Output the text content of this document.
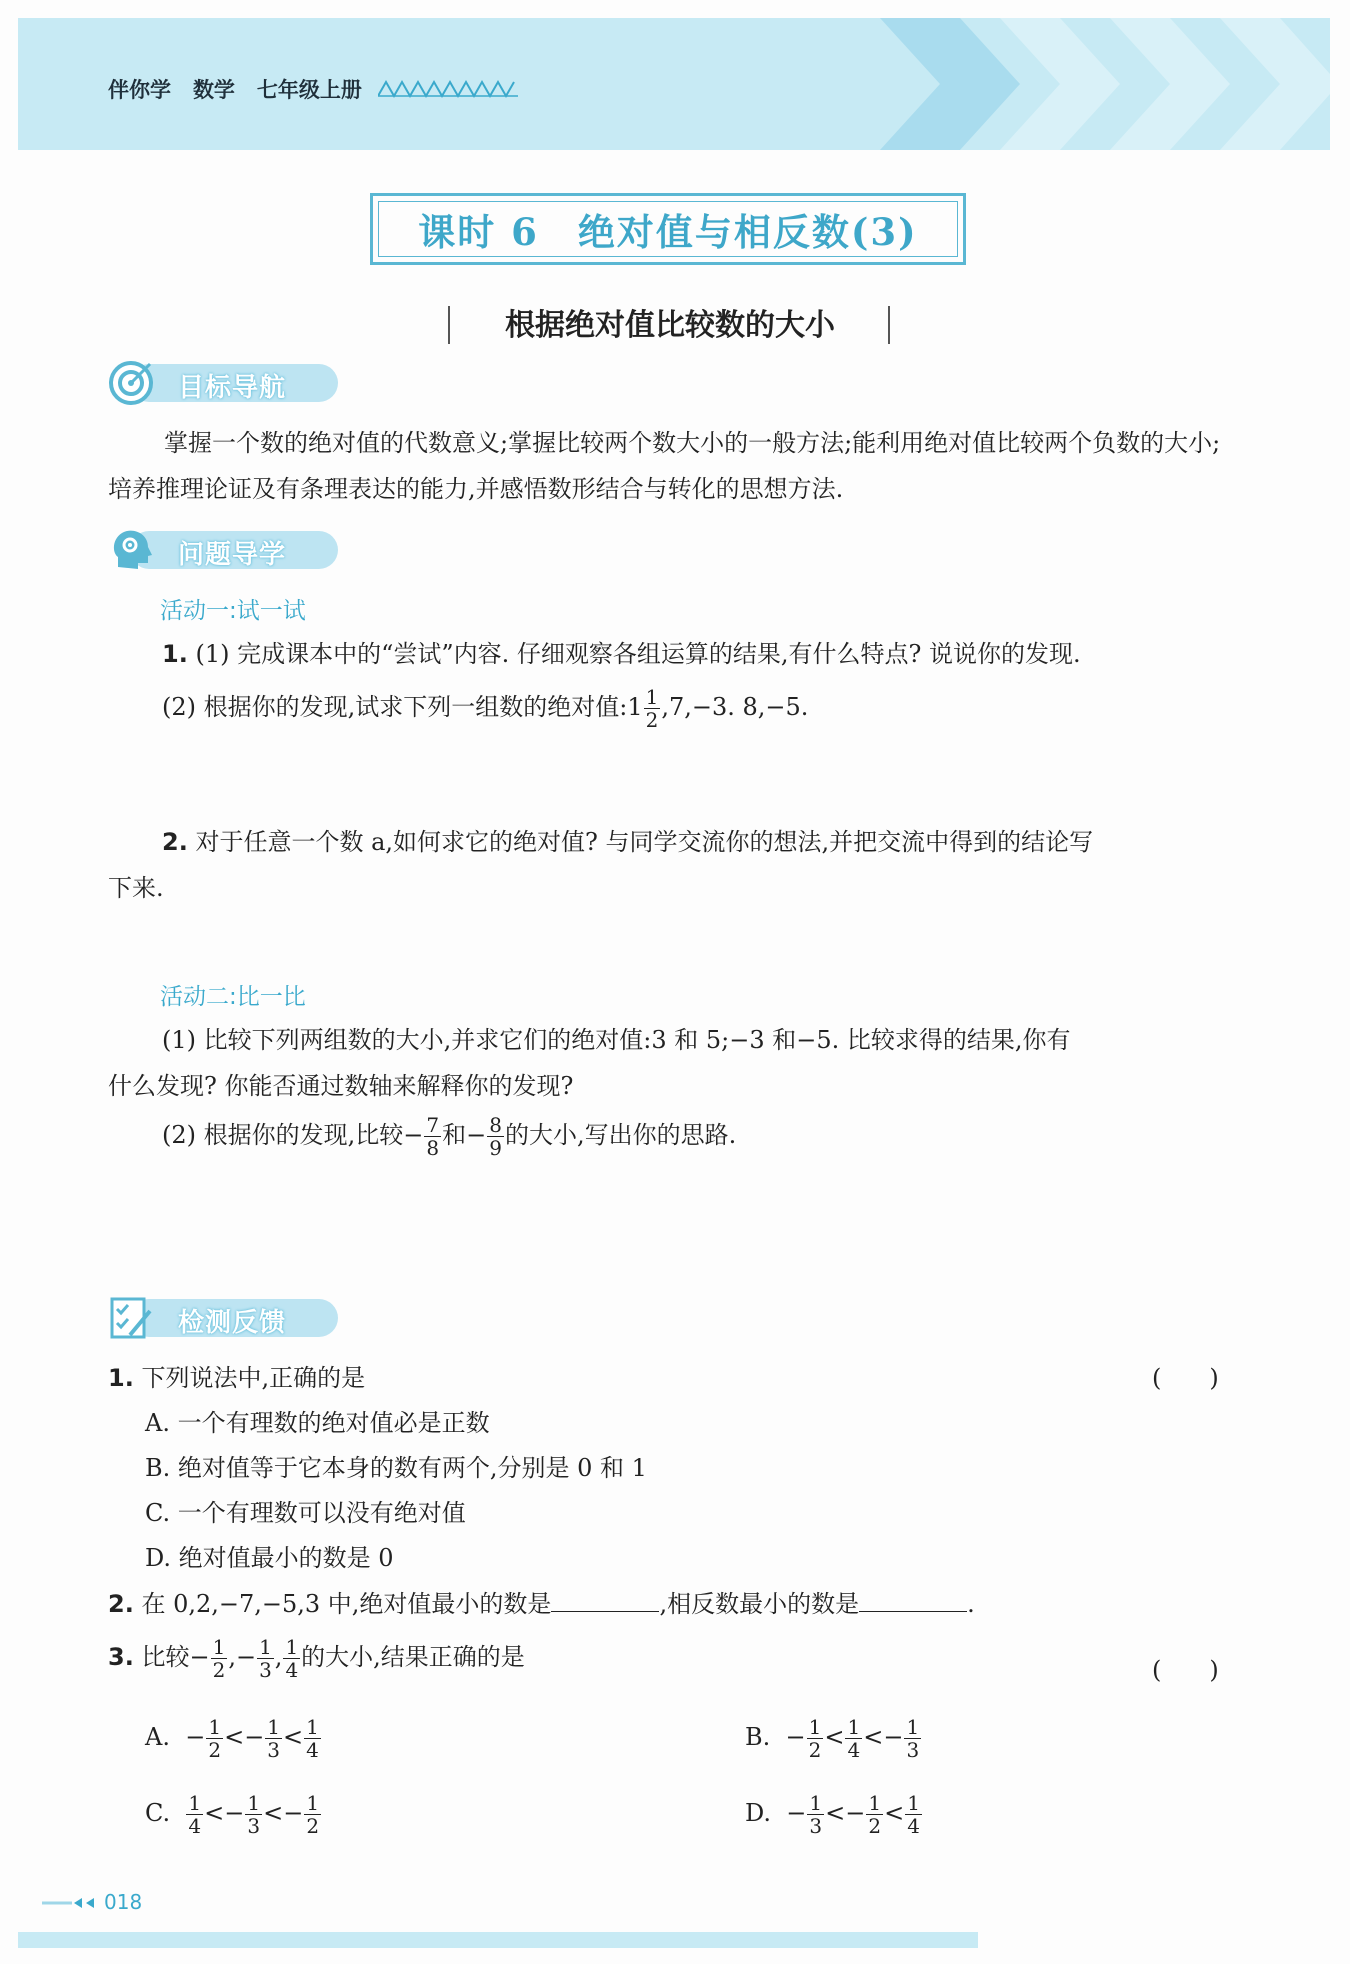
伴你学 数学 七年级上册
课时 6　绝对值与相反数(3)
根据绝对值比较数的大小
目标导航
掌握一个数的绝对值的代数意义;掌握比较两个数大小的一般方法;能利用绝对值比较两个负数的大小;培养推理论证及有条理表达的能力,并感悟数形结合与转化的思想方法.
问题导学
活动一:试一试
1. (1) 完成课本中的“尝试”内容. 仔细观察各组运算的结果,有什么特点? 说说你的发现.
(2) 根据你的发现,试求下列一组数的绝对值:1 $\frac{1}{2} ,7,-3$. 8,−5.
2. 对于任意一个数 a,如何求它的绝对值? 与同学交流你的想法,并把交流中得到的结论写
下来.
活动二:比一比
(1) 比较下列两组数的大小,并求它们的绝对值:3 和 5;−3 和−5. 比较求得的结果,你有
什么发现? 你能否通过数轴来解释你的发现?
(2) 根据你的发现,比较− $\frac{7}{8}$ 和− $\frac{8}{9}$ 的大小,写出你的思路.
检测反馈
1. 下列说法中,正确的是	(　　)
A. 一个有理数的绝对值必是正数
B. 绝对值等于它本身的数有两个,分别是 0 和 1
C. 一个有理数可以没有绝对值
D. 绝对值最小的数是 0
2. 在 0,2,−7,−5,3 中,绝对值最小的数是	,相反数最小的数是	.
3. 比较− $\frac{1}{2}$ ,− $\frac{1}{3}$ , $\frac{1}{4}$ 的大小,结果正确的是	(　　)
A. − $\frac{1}{2} <- \frac{1}{3} < \frac{1}{4}$	B. − $\frac{1}{2} < \frac{1}{4} <- \frac{1}{3}$
C. $\frac{1}{4} <- \frac{1}{3} <- \frac{1}{2}$	D. − $\frac{1}{3} <- \frac{1}{2} < \frac{1}{4}$
018
